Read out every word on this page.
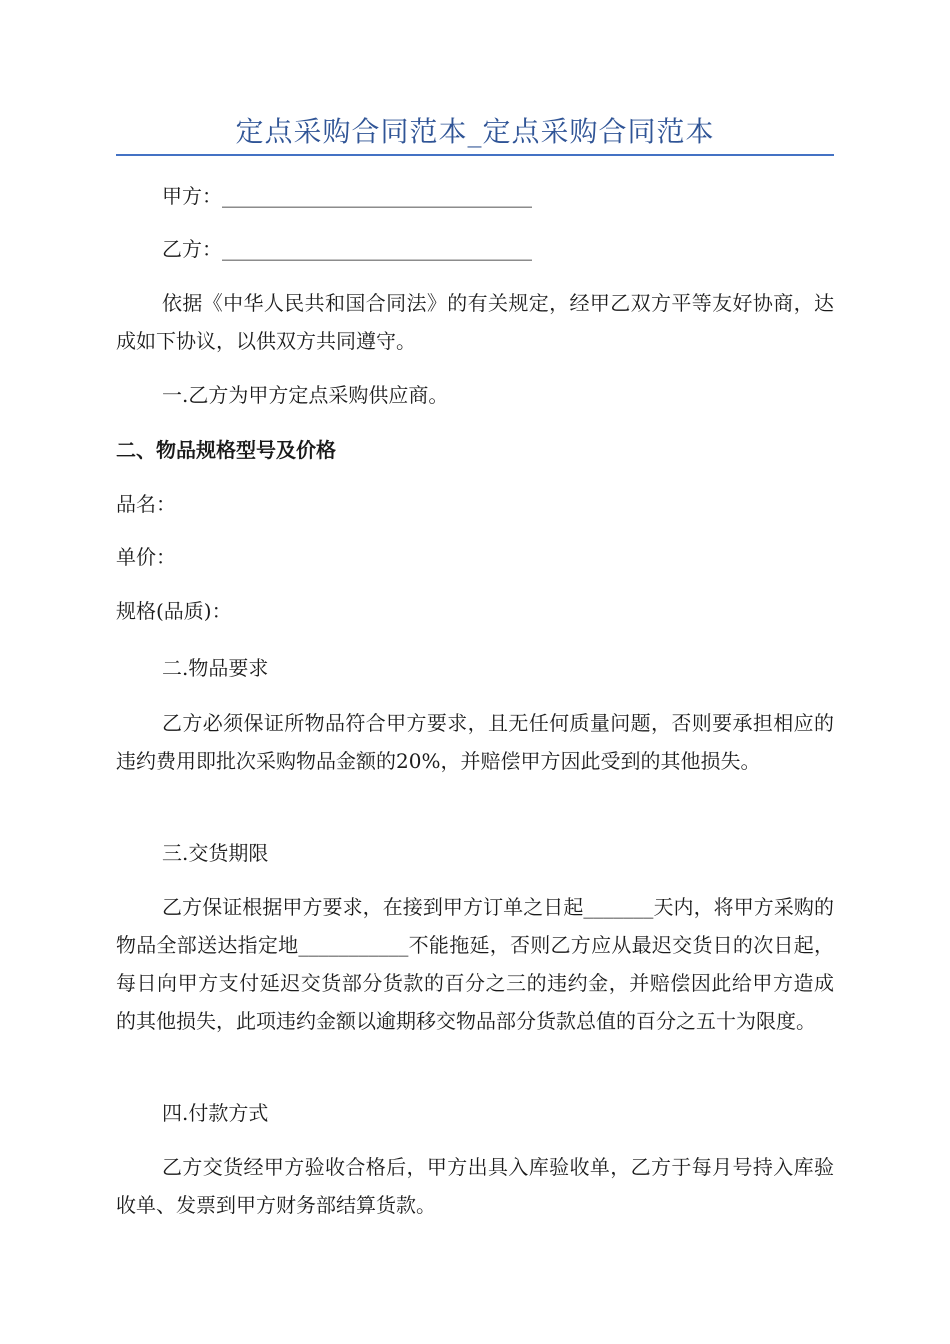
定点采购合同范本_定点采购合同范本
甲方：_______________________________
乙方：_______________________________
依据《中华人民共和国合同法》的有关规定，经甲乙双方平等友好协商，达成如下协议，以供双方共同遵守。
一.乙方为甲方定点采购供应商。
二、物品规格型号及价格
品名：
单价：
规格(品质)：
二.物品要求
乙方必须保证所物品符合甲方要求，且无任何质量问题，否则要承担相应的违约费用即批次采购物品金额的20%，并赔偿甲方因此受到的其他损失。
三.交货期限
乙方保证根据甲方要求，在接到甲方订单之日起_______天内，将甲方采购的物品全部送达指定地___________不能拖延，否则乙方应从最迟交货日的次日起，每日向甲方支付延迟交货部分货款的百分之三的违约金，并赔偿因此给甲方造成的其他损失，此项违约金额以逾期移交物品部分货款总值的百分之五十为限度。
四.付款方式
乙方交货经甲方验收合格后，甲方出具入库验收单，乙方于每月号持入库验收单、发票到甲方财务部结算货款。
